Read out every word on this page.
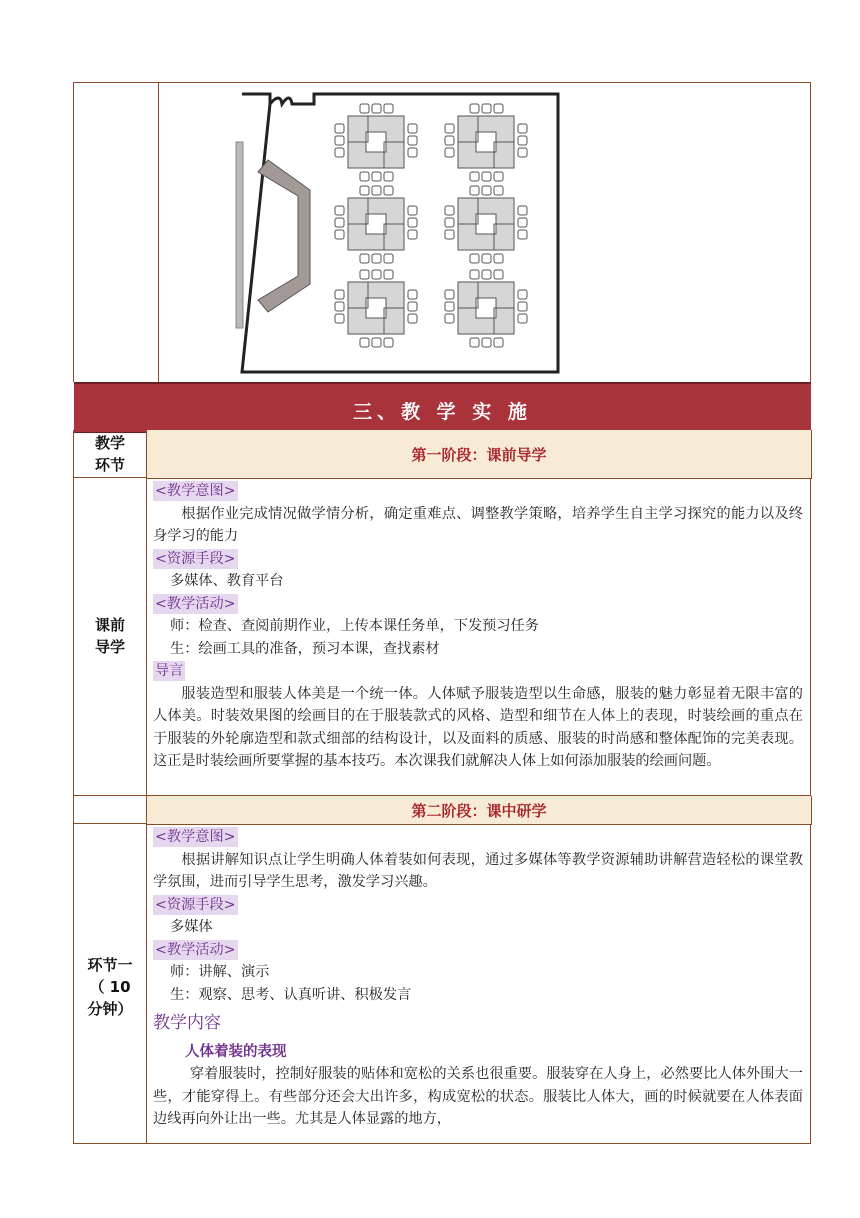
三、教 学 实 施
教学
环节
第一阶段：课前导学
课前
导学
<教学意图>

根据作业完成情况做学情分析，确定重难点、调整教学策略，培养学生自主学习探究的能力以及终身学习的能力

<资源手段>

多媒体、教育平台

<教学活动>

师：检查、查阅前期作业，上传本课任务单，下发预习任务

生：绘画工具的准备，预习本课，查找素材

导言

服装造型和服装人体美是一个统一体。人体赋予服装造型以生命感，服装的魅力彰显着无限丰富的人体美。时装效果图的绘画目的在于服装款式的风格、造型和细节在人体上的表现，时装绘画的重点在于服装的外轮廓造型和款式细部的结构设计，以及面料的质感、服装的时尚感和整体配饰的完美表现。这正是时装绘画所要掌握的基本技巧。本次课我们就解决人体上如何添加服装的绘画问题。

第二阶段：课中研学
环节一
（ 10
分钟）
<教学意图>

根据讲解知识点让学生明确人体着装如何表现，通过多媒体等教学资源辅助讲解营造轻松的课堂教学氛围，进而引导学生思考，激发学习兴趣。

<资源手段>

多媒体

<教学活动>

师：讲解、演示

生：观察、思考、认真听讲、积极发言

教学内容
人体着装的表现

穿着服装时，控制好服装的贴体和宽松的关系也很重要。服装穿在人身上，必然要比人体外围大一些，才能穿得上。有些部分还会大出许多，构成宽松的状态。服装比人体大，画的时候就要在人体表面边线再向外让出一些。尤其是人体显露的地方，
